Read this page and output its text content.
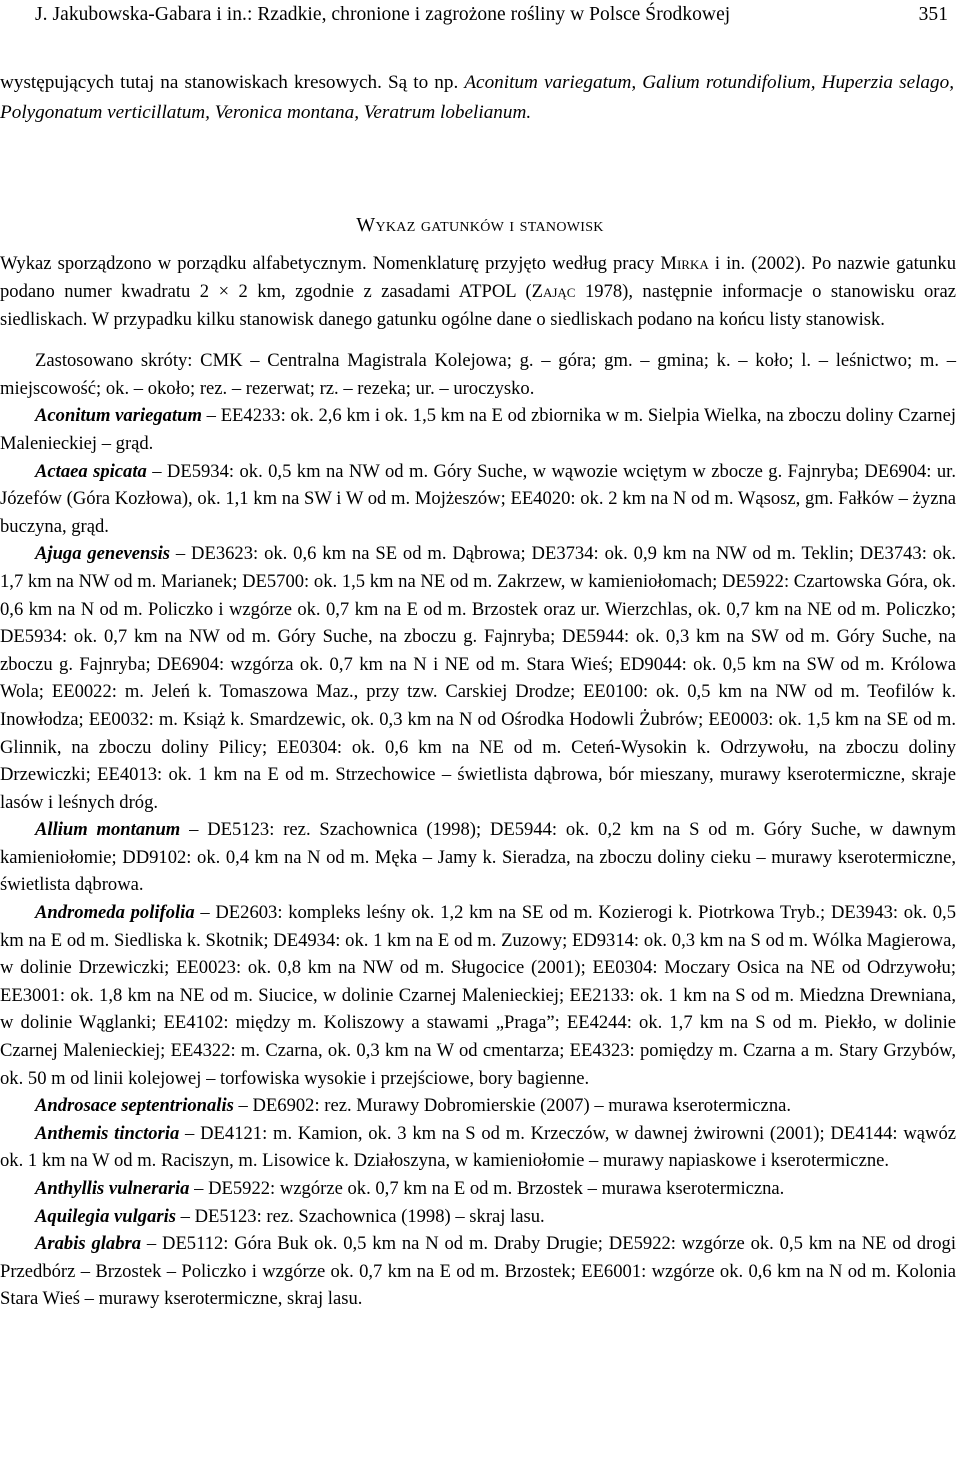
J. Jakubowska-Gabara i in.: Rzadkie, chronione i zagrożone rośliny w Polsce Środkowej	351

występujących tutaj na stanowiskach kresowych. Są to np. Aconitum variegatum, Galium rotundifolium, Huperzia selago, Polygonatum verticillatum, Veronica montana, Veratrum lobelianum.

Wykaz gatunków i stanowisk

Wykaz sporządzono w porządku alfabetycznym. Nomenklaturę przyjęto według pracy Mirka i in. (2002). Po nazwie gatunku podano numer kwadratu 2 × 2 km, zgodnie z zasadami ATPOL (Zając 1978), następnie informacje o stanowisku oraz siedliskach. W przypadku kilku stanowisk danego gatunku ogólne dane o siedliskach podano na końcu listy stanowisk.

Zastosowano skróty: CMK – Centralna Magistrala Kolejowa; g. – góra; gm. – gmina; k. – koło; l. – leśnictwo; m. – miejscowość; ok. – około; rez. – rezerwat; rz. – rezeka; ur. – uroczysko.

Aconitum variegatum – EE4233: ok. 2,6 km i ok. 1,5 km na E od zbiornika w m. Sielpia Wielka, na zboczu doliny Czarnej Maleniecki​ej – grąd.

Actaea spicata – DE5934: ok. 0,5 km na NW od m. Góry Suche, w wąwozie wciętym w zbocze g. Fajnryba; DE6904: ur. Józefów (Góra Kozłowa), ok. 1,1 km na SW i W od m. Mojżeszów; EE4020: ok. 2 km na N od m. Wąsosz, gm. Fałków – żyzna buczyna, grąd.

Ajuga genevensis – DE3623: ok. 0,6 km na SE od m. Dąbrowa; DE3734: ok. 0,9 km na NW od m. Teklin; DE3743: ok. 1,7 km na NW od m. Marianek; DE5700: ok. 1,5 km na NE od m. Zakrzew, w kamieniołomach; DE5922: Czartowska Góra, ok. 0,6 km na N od m. Policzko i wzgórze ok. 0,7 km na E od m. Brzostek oraz ur. Wierzchlas, ok. 0,7 km na NE od m. Policzko; DE5934: ok. 0,7 km na NW od m. Góry Suche, na zboczu g. Fajnryba; DE5944: ok. 0,3 km na SW od m. Góry Suche, na zboczu g. Fajnryba; DE6904: wzgórza ok. 0,7 km na N i NE od m. Stara Wieś; ED9044: ok. 0,5 km na SW od m. Królowa Wola; EE0022: m. Jeleń k. Tomaszowa Maz., przy tzw. Carskiej Drodze; EE0100: ok. 0,5 km na NW od m. Teofilów k. Inowłodza; EE0032: m. Książ k. Smardzewic, ok. 0,3 km na N od Ośrodka Hodowli Żubrów; EE0003: ok. 1,5 km na SE od m. Glinnik, na zboczu doliny Pilicy; EE0304: ok. 0,6 km na NE od m. Ceteń-Wysokin k. Odrzywołu, na zboczu doliny Drzewiczki; EE4013: ok. 1 km na E od m. Strzechowice – świetlista dąbrowa, bór mieszany, murawy kserotermiczne, skraje lasów i leśnych dróg.

Allium montanum – DE5123: rez. Szachownica (1998); DE5944: ok. 0,2 km na S od m. Góry Suche, w dawnym kamieniołomie; DD9102: ok. 0,4 km na N od m. Męka – Jamy k. Sieradza, na zboczu doliny cieku – murawy kserotermiczne, świetlista dąbrowa.

Andromeda polifolia – DE2603: kompleks leśny ok. 1,2 km na SE od m. Kozierogi k. Piotrkowa Tryb.; DE3943: ok. 0,5 km na E od m. Siedliska k. Skotnik; DE4934: ok. 1 km na E od m. Zuzowy; ED9314: ok. 0,3 km na S od m. Wólka Magierowa, w dolinie Drzewiczki; EE0023: ok. 0,8 km na NW od m. Sługocice (2001); EE0304: Moczary Osica na NE od Odrzywołu; EE3001: ok. 1,8 km na NE od m. Siucice, w dolinie Czarnej Maleniecki​ej; EE2133: ok. 1 km na S od m. Miedzna Drewniana, w dolinie Wąglanki; EE4102: między m. Koliszowy a stawami „Praga”; EE4244: ok. 1,7 km na S od m. Piekło, w dolinie Czarnej Maleniecki​ej; EE4322: m. Czarna, ok. 0,3 km na W od cmentarza; EE4323: pomiędzy m. Czarna a m. Stary Grzybów, ok. 50 m od linii kolejowej – torfowiska wysokie i przejściowe, bory bagienne.

Androsace septentrionalis – DE6902: rez. Murawy Dobromierskie (2007) – murawa kserotermiczna.

Anthemis tinctoria – DE4121: m. Kamion, ok. 3 km na S od m. Krzeczów, w dawnej żwirowni (2001); DE4144: wąwóz ok. 1 km na W od m. Raciszyn, m. Lisowice k. Działoszyna, w kamieniołomie – murawy napiaskowe i kserotermiczne.

Anthyllis vulneraria – DE5922: wzgórze ok. 0,7 km na E od m. Brzostek – murawa kserotermiczna.

Aquilegia vulgaris – DE5123: rez. Szachownica (1998) – skraj lasu.

Arabis glabra – DE5112: Góra Buk ok. 0,5 km na N od m. Draby Drugie; DE5922: wzgórze ok. 0,5 km na NE od drogi Przedbórz – Brzostek – Policzko i wzgórze ok. 0,7 km na E od m. Brzostek; EE6001: wzgórze ok. 0,6 km na N od m. Kolonia Stara Wieś – murawy kserotermiczne, skraj lasu.
